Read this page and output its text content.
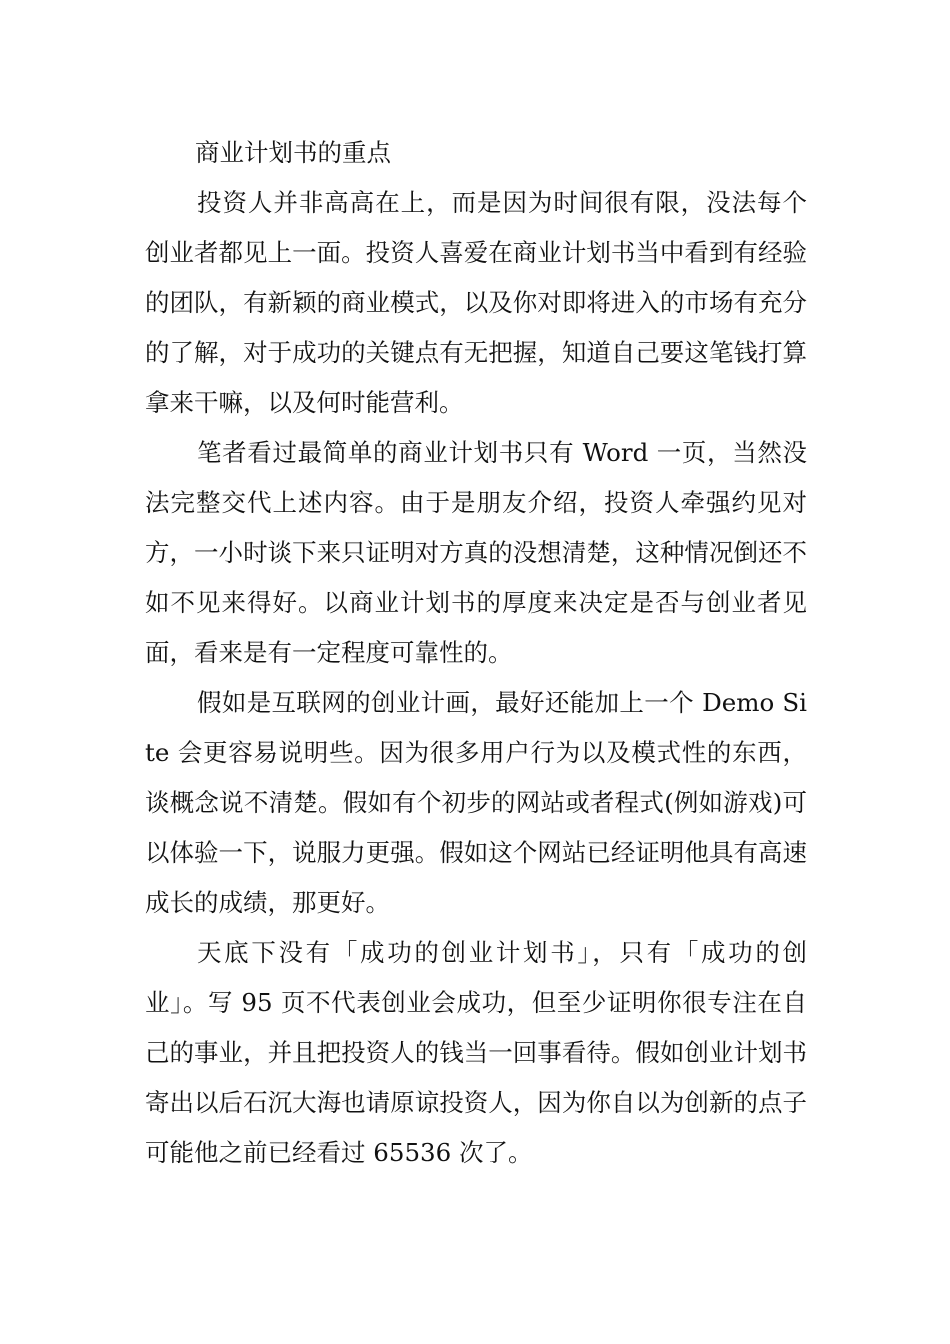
商业计划书的重点

投资人并非高高在上，而是因为时间很有限，没法每个创业者都见上一面。投资人喜爱在商业计划书当中看到有经验的团队，有新颖的商业模式，以及你对即将进入的市场有充分的了解，对于成功的关键点有无把握，知道自己要这笔钱打算拿来干嘛，以及何时能营利。

笔者看过最简单的商业计划书只有 Word 一页，当然没法完整交代上述内容。由于是朋友介绍，投资人牵强约见对方，一小时谈下来只证明对方真的没想清楚，这种情况倒还不如不见来得好。以商业计划书的厚度来决定是否与创业者见面，看来是有一定程度可靠性的。

假如是互联网的创业计画，最好还能加上一个 Demo Site 会更容易说明些。因为很多用户行为以及模式性的东西，谈概念说不清楚。假如有个初步的网站或者程式(例如游戏)可以体验一下，说服力更强。假如这个网站已经证明他具有高速成长的成绩，那更好。

天底下没有「成功的创业计划书」，只有「成功的创业」。写 95 页不代表创业会成功，但至少证明你很专注在自己的事业，并且把投资人的钱当一回事看待。假如创业计划书寄出以后石沉大海也请原谅投资人，因为你自以为创新的点子可能他之前已经看过 65536 次了。
